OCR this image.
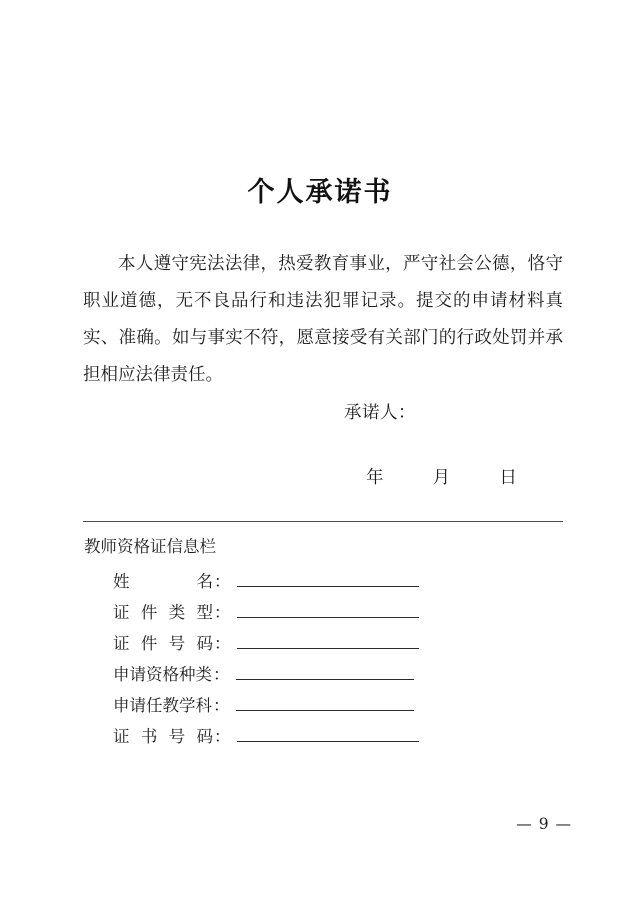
个人承诺书

本人遵守宪法法律，热爱教育事业，严守社会公德，恪守职业道德，无不良品行和违法犯罪记录。提交的申请材料真实、准确。如与事实不符，愿意接受有关部门的行政处罚并承担相应法律责任。

承诺人：
年	月	日
教师资格证信息栏
姓	名 ：
证 件 类 型 ：
证 件 号 码 ：
申请资格种类 ：
申请任教学科 ：
证 书 号 码 ：
— 9 —
